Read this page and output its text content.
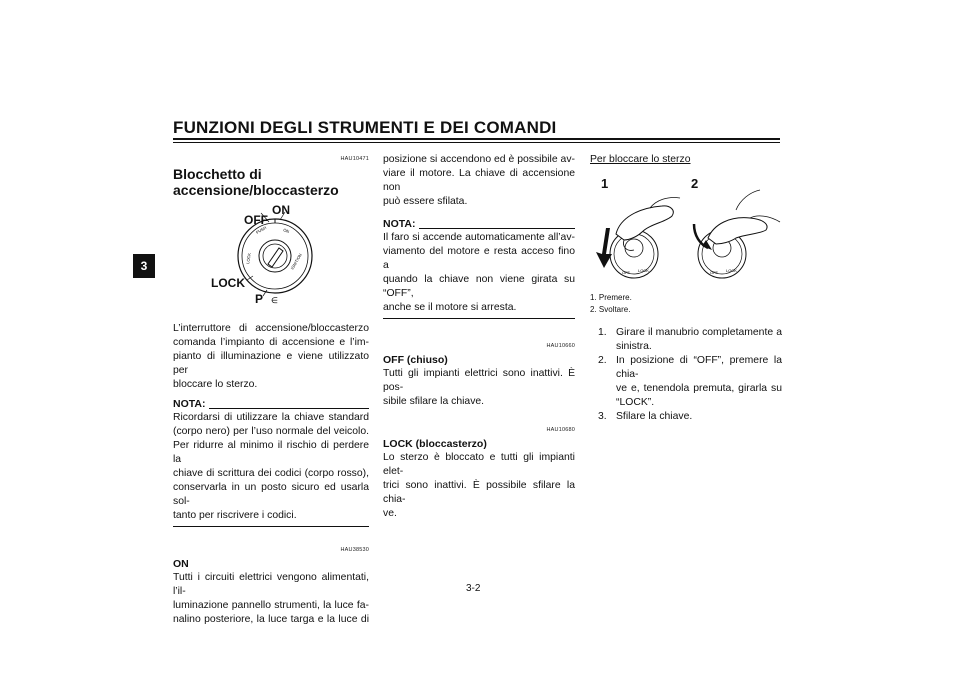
FUNZIONI DEGLI STRUMENTI E DEI COMANDI
3
HAU10471
Blocchetto di
accensione/bloccasterzo
PUSH	ON
IGNITION
LOCK
∈
OFF
ON
LOCK
P
L’interruttore di accensione/bloccasterzo
comanda l’impianto di accensione e l’im-
pianto di illuminazione e viene utilizzato per
bloccare lo sterzo.
NOTA:
Ricordarsi di utilizzare la chiave standard
(corpo nero) per l’uso normale del veicolo.
Per ridurre al minimo il rischio di perdere la
chiave di scrittura dei codici (corpo rosso),
conservarla in un posto sicuro ed usarla sol-
tanto per riscrivere i codici.
HAU38530
ON
Tutti i circuiti elettrici vengono alimentati, l’il-
luminazione pannello strumenti, la luce fa-
nalino posteriore, la luce targa e la luce di
posizione si accendono ed è possibile av-
viare il motore. La chiave di accensione non
può essere sfilata.
NOTA:
Il faro si accende automaticamente all’av-
viamento del motore e resta acceso fino a
quando la chiave non viene girata su “OFF”,
anche se il motore si arresta.
HAU10660
OFF (chiuso)
Tutti gli impianti elettrici sono inattivi. È pos-
sibile sfilare la chiave.
HAU10680
LOCK (bloccasterzo)
Lo sterzo è bloccato e tutti gli impianti elet-
trici sono inattivi. È possibile sfilare la chia-
ve.
Per bloccare lo sterzo
1	2
OFF LOCK	OFF LOCK
1. Premere.
2. Svoltare.
1. Girare il manubrio completamente a
sinistra.
2. In posizione di “OFF”, premere la chia-
ve e, tenendola premuta, girarla su
“LOCK”.
3. Sfilare la chiave.
3-2
